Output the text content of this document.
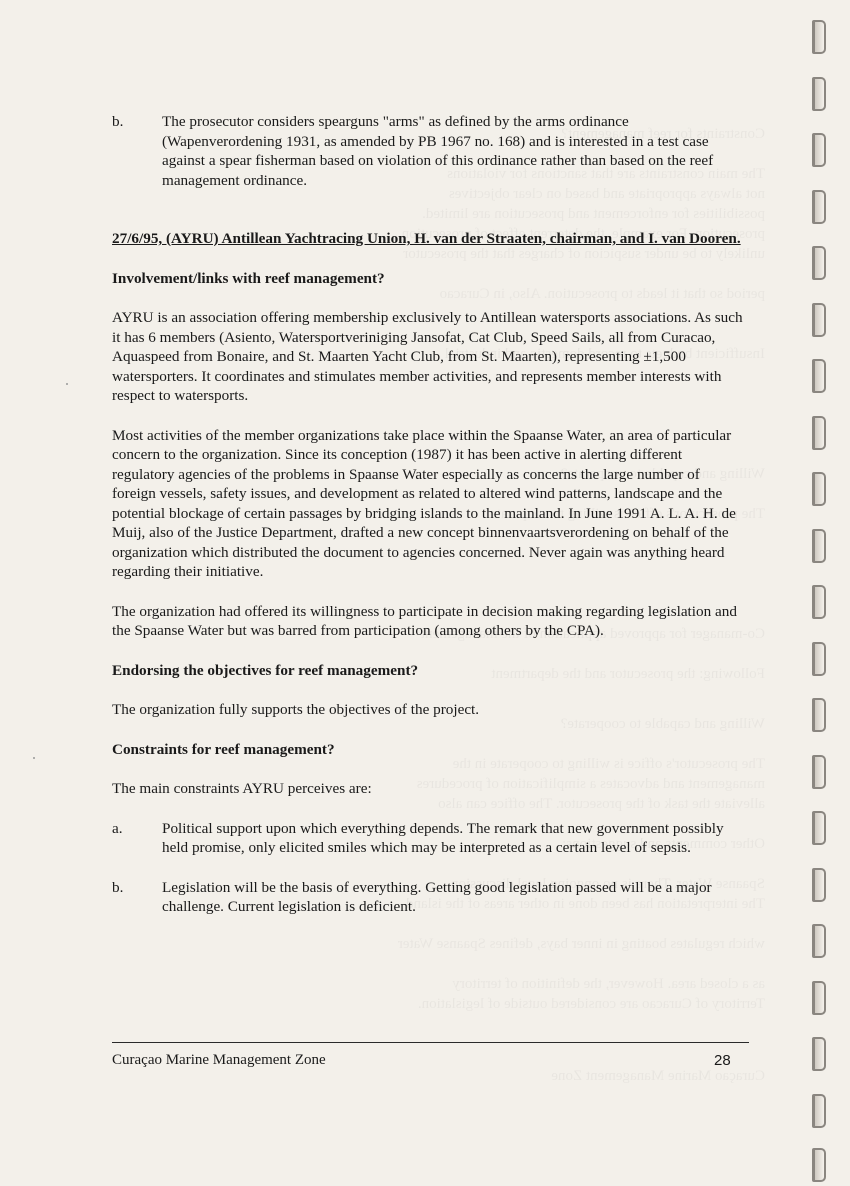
b.	The prosecutor considers spearguns "arms" as defined by the arms ordinance (Wapenverordening 1931, as amended by PB 1967 no. 168) and is interested in a test case against a spear fisherman based on violation of this ordinance rather than based on the reef management ordinance.

27/6/95, (AYRU) Antillean Yachtracing Union, H. van der Straaten, chairman, and I. van Dooren.

Involvement/links with reef management?

AYRU is an association offering membership exclusively to Antillean watersports associations. As such it has 6 members (Asiento, Watersportveriniging Jansofat, Cat Club, Speed Sails, all from Curacao, Aquaspeed from Bonaire, and St. Maarten Yacht Club, from St. Maarten), representing ±1,500 watersporters. It coordinates and stimulates member activities, and represents member interests with respect to watersports.

Most activities of the member organizations take place within the Spaanse Water, an area of particular concern to the organization. Since its conception (1987) it has been active in alerting different regulatory agencies of the problems in Spaanse Water especially as concerns the large number of foreign vessels, safety issues, and development as related to altered wind patterns, landscape and the potential blockage of certain passages by bridging islands to the mainland. In June 1991 A. L. A. H. de Muij, also of the Justice Department, drafted a new concept binnenvaartsverordening on behalf of the organization which distributed the document to agencies concerned. Never again was anything heard regarding their initiative.

The organization had offered its willingness to participate in decision making regarding legislation and the Spaanse Water but was barred from participation (among others by the CPA).

Endorsing the objectives for reef management?

The organization fully supports the objectives of the project.

Constraints for reef management?

The main constraints AYRU perceives are:

a.	Political support upon which everything depends. The remark that new government possibly held promise, only elicited smiles which may be interpreted as a certain level of sepsis.
b.	Legislation will be the basis of everything. Getting good legislation passed will be a major challenge. Current legislation is deficient.
Curaçao Marine Management Zone	28
